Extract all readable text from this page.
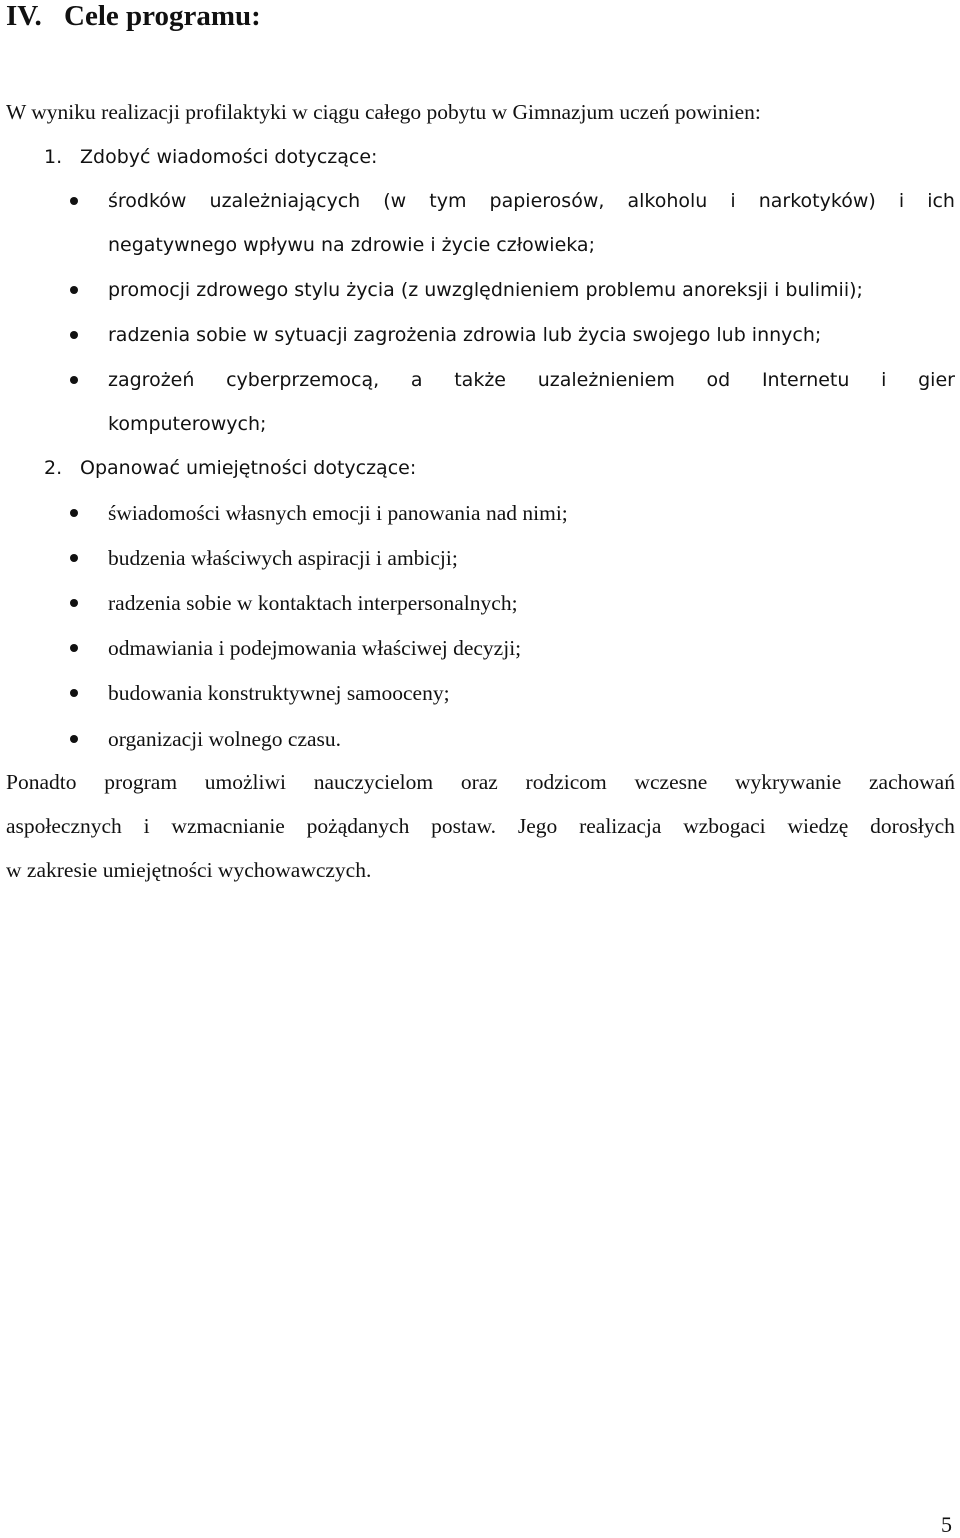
IV. Cele programu:
W wyniku realizacji profilaktyki w ciągu całego pobytu w Gimnazjum uczeń powinien:
1. Zdobyć wiadomości dotyczące:
środków uzależniających (w tym papierosów, alkoholu i narkotyków) i ich
negatywnego wpływu na zdrowie i życie człowieka;
promocji zdrowego stylu życia (z uwzględnieniem problemu anoreksji i bulimii);
radzenia sobie w sytuacji zagrożenia zdrowia lub życia swojego lub innych;
zagrożeń cyberprzemocą, a także uzależnieniem od Internetu i gier
komputerowych;
2. Opanować umiejętności dotyczące:
świadomości własnych emocji i panowania nad nimi;
budzenia właściwych aspiracji i ambicji;
radzenia sobie w kontaktach interpersonalnych;
odmawiania i podejmowania właściwej decyzji;
budowania konstruktywnej samooceny;
organizacji wolnego czasu.
Ponadto program umożliwi nauczycielom oraz rodzicom wczesne wykrywanie zachowań
aspołecznych i wzmacnianie pożądanych postaw. Jego realizacja wzbogaci wiedzę dorosłych
w zakresie umiejętności wychowawczych.
5
